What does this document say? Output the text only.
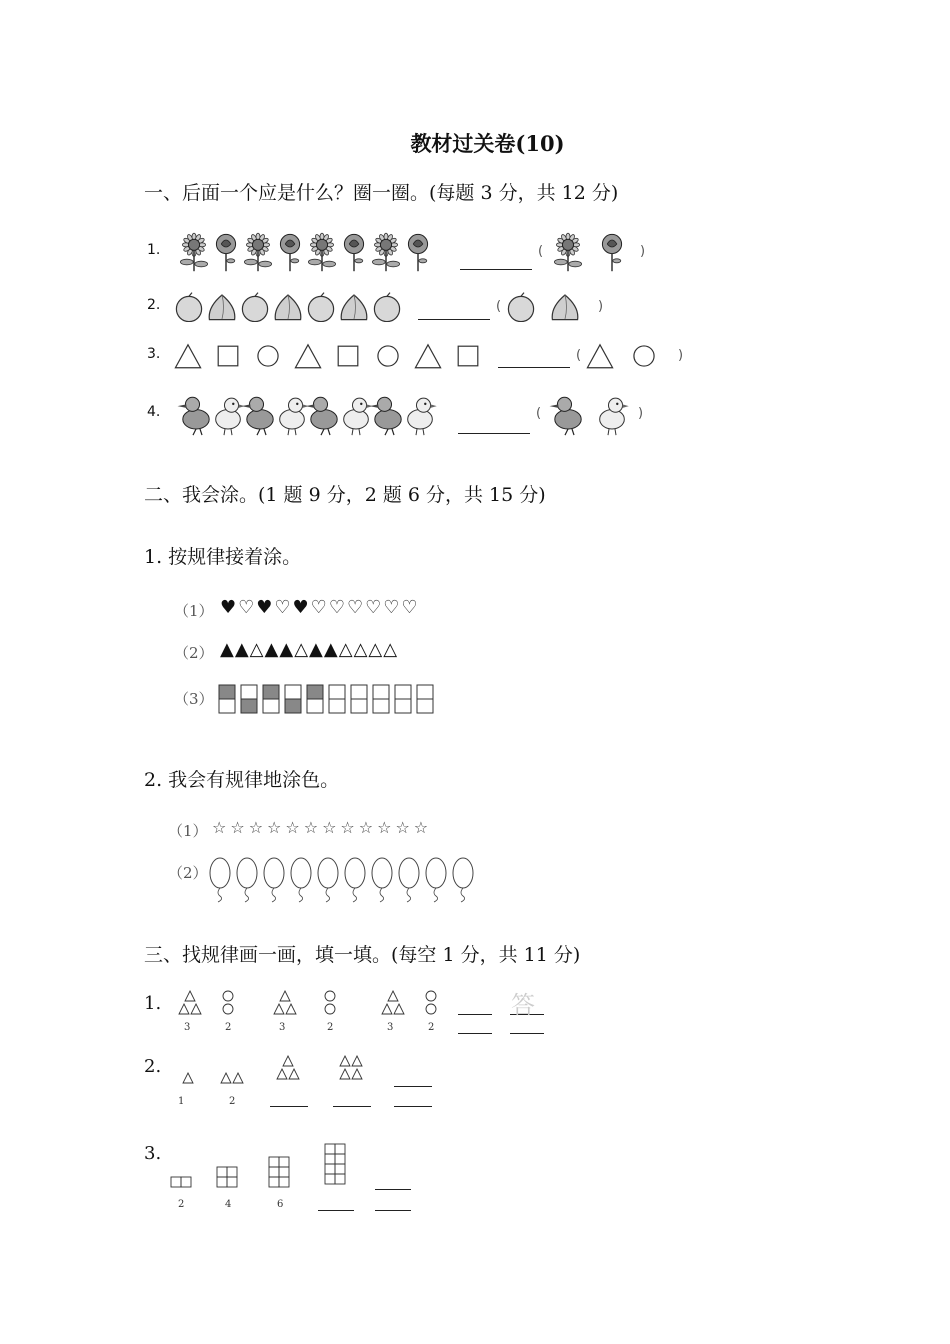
教材过关卷(10)
一、后面一个应是什么？圈一圈。(每题 3 分，共 12 分)
1.	(	)
2.	(	)
3.	(	)
4.	(	)
二、我会涂。(1 题 9 分，2 题 6 分，共 15 分)
1. 按规律接着涂。
（1） ♥♡♥♡♥♡♡♡♡♡♡
（2） ▲▲△▲▲△▲▲△△△△
（3）
2. 我会有规律地涂色。
（1） ☆☆☆☆☆☆☆☆☆☆☆☆
（2）
三、找规律画一画，填一填。(每空 1 分，共 11 分)
1.
3	2	3	2	3	2
答
2.
1	2
3.
2	4	6
